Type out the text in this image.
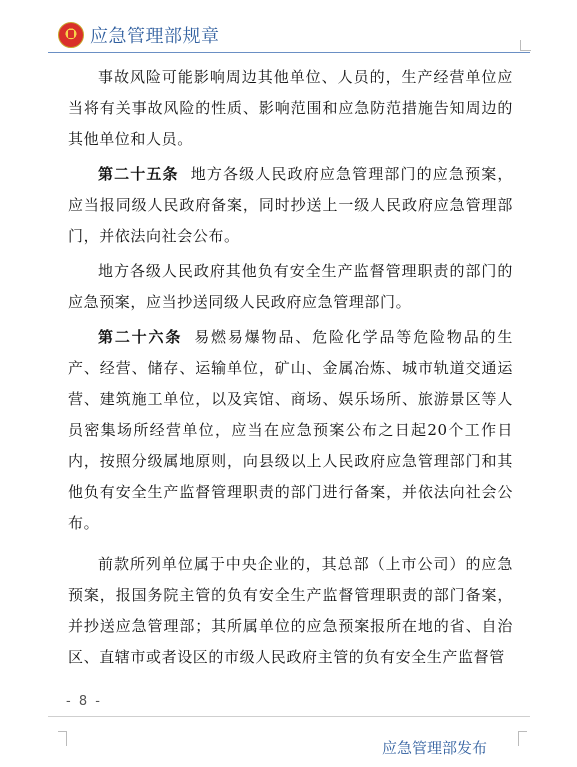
应急管理部规章

事故风险可能影响周边其他单位、人员的，生产经营单位应当将有关事故风险的性质、影响范围和应急防范措施告知周边的其他单位和人员。

第二十五条 地方各级人民政府应急管理部门的应急预案，应当报同级人民政府备案，同时抄送上一级人民政府应急管理部门，并依法向社会公布。

地方各级人民政府其他负有安全生产监督管理职责的部门的应急预案，应当抄送同级人民政府应急管理部门。

第二十六条 易燃易爆物品、危险化学品等危险物品的生产、经营、储存、运输单位，矿山、金属冶炼、城市轨道交通运营、建筑施工单位，以及宾馆、商场、娱乐场所、旅游景区等人员密集场所经营单位，应当在应急预案公布之日起20个工作日内，按照分级属地原则，向县级以上人民政府应急管理部门和其他负有安全生产监督管理职责的部门进行备案，并依法向社会公布。

前款所列单位属于中央企业的，其总部（上市公司）的应急预案，报国务院主管的负有安全生产监督管理职责的部门备案，并抄送应急管理部；其所属单位的应急预案报所在地的省、自治区、直辖市或者设区的市级人民政府主管的负有安全生产监督管

- 8 -
应急管理部发布
